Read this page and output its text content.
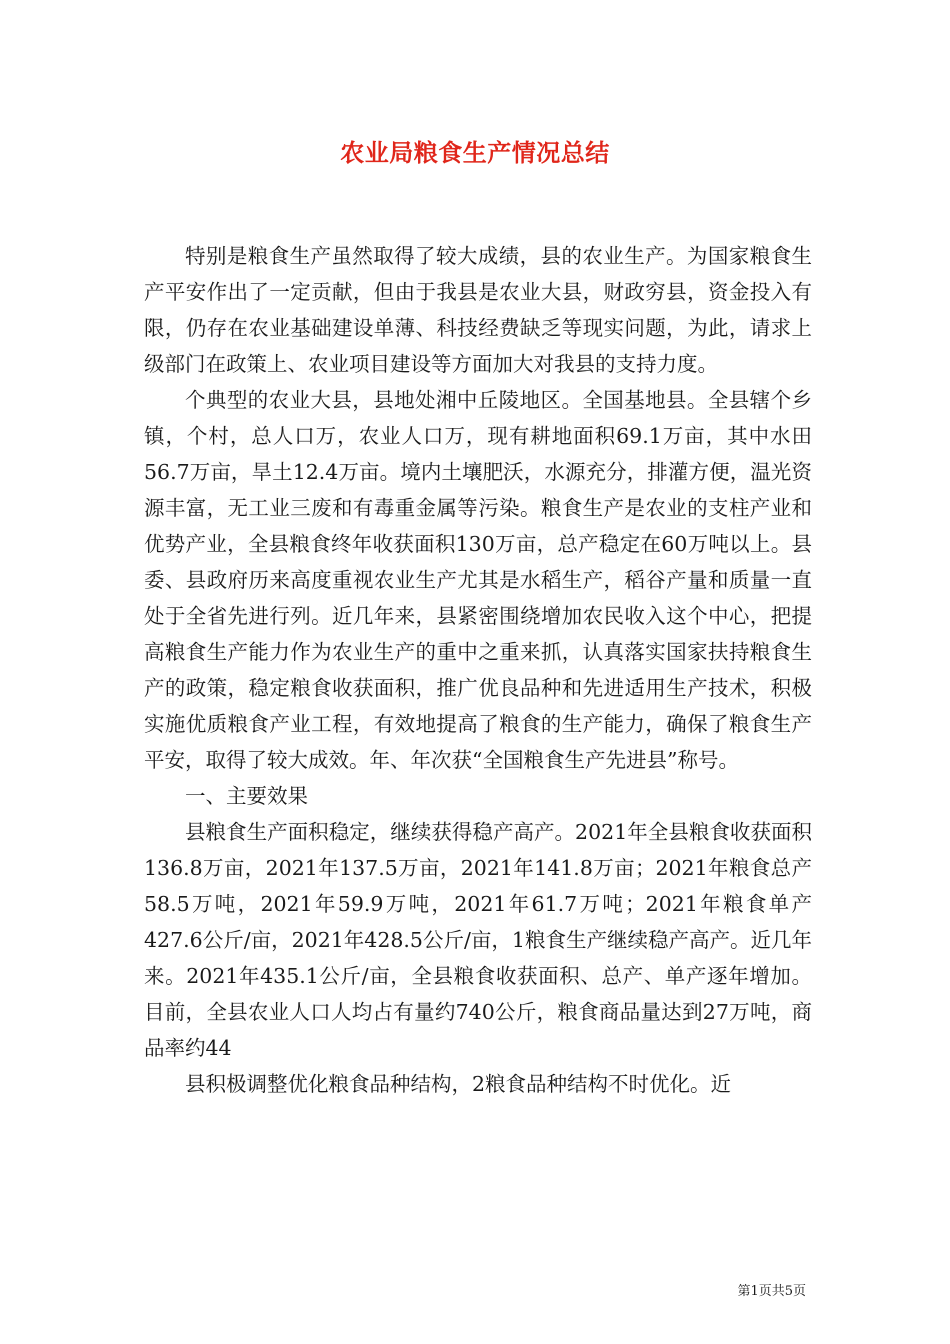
农业局粮食生产情况总结

特别是粮食生产虽然取得了较大成绩，县的农业生产。为国家粮食生产平安作出了一定贡献，但由于我县是农业大县，财政穷县，资金投入有限，仍存在农业基础建设单薄、科技经费缺乏等现实问题，为此，请求上级部门在政策上、农业项目建设等方面加大对我县的支持力度。

个典型的农业大县，县地处湘中丘陵地区。全国基地县。全县辖个乡镇，个村，总人口万，农业人口万，现有耕地面积69.1万亩，其中水田56.7万亩，旱土12.4万亩。境内土壤肥沃，水源充分，排灌方便，温光资源丰富，无工业三废和有毒重金属等污染。粮食生产是农业的支柱产业和优势产业，全县粮食终年收获面积130万亩，总产稳定在60万吨以上。县委、县政府历来高度重视农业生产尤其是水稻生产，稻谷产量和质量一直处于全省先进行列。近几年来，县紧密围绕增加农民收入这个中心，把提高粮食生产能力作为农业生产的重中之重来抓，认真落实国家扶持粮食生产的政策，稳定粮食收获面积，推广优良品种和先进适用生产技术，积极实施优质粮食产业工程，有效地提高了粮食的生产能力，确保了粮食生产平安，取得了较大成效。年、年次获“全国粮食生产先进县”称号。

一、主要效果

县粮食生产面积稳定，继续获得稳产高产。2021年全县粮食收获面积136.8万亩，2021年137.5万亩，2021年141.8万亩；2021年粮食总产58.5万吨，2021年59.9万吨，2021年61.7万吨；2021年粮食单产427.6公斤/亩，2021年428.5公斤/亩，1粮食生产继续稳产高产。近几年来。2021年435.1公斤/亩，全县粮食收获面积、总产、单产逐年增加。目前，全县农业人口人均占有量约740公斤，粮食商品量达到27万吨，商品率约44

县积极调整优化粮食品种结构，2粮食品种结构不时优化。近

第1页共5页
